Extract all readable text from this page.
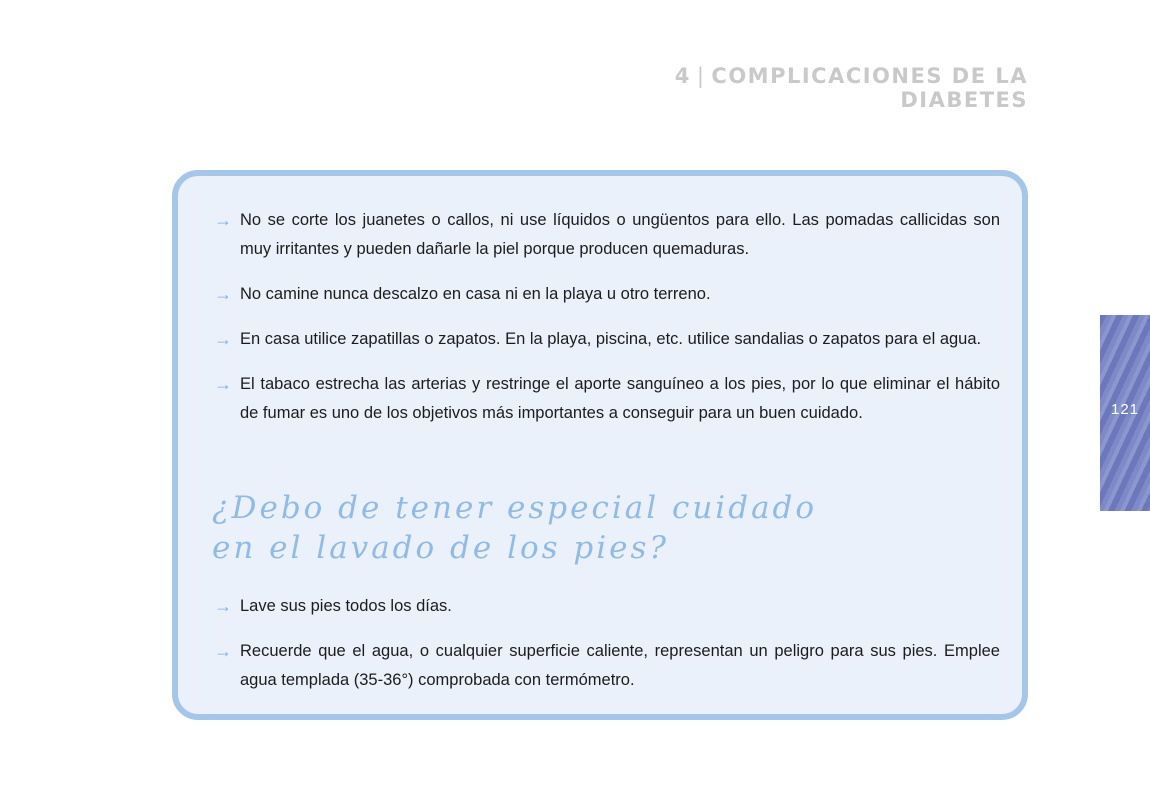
4 | COMPLICACIONES DE LA DIABETES
→ No se corte los juanetes o callos, ni use líquidos o ungüentos para ello. Las pomadas callicidas son muy irritantes y pueden dañarle la piel porque producen quemaduras.
→ No camine nunca descalzo en casa ni en la playa u otro terreno.
→ En casa utilice zapatillas o zapatos. En la playa, piscina, etc. utilice sandalias o zapatos para el agua.
→ El tabaco estrecha las arterias y restringe el aporte sanguíneo a los pies, por lo que eliminar el hábito de fumar es uno de los objetivos más importantes a conseguir para un buen cuidado.
¿Debo de tener especial cuidado en el lavado de los pies?
→ Lave sus pies todos los días.
→ Recuerde que el agua, o cualquier superficie caliente, representan un peligro para sus pies. Emplee agua templada (35-36°) comprobada con termómetro.
121
